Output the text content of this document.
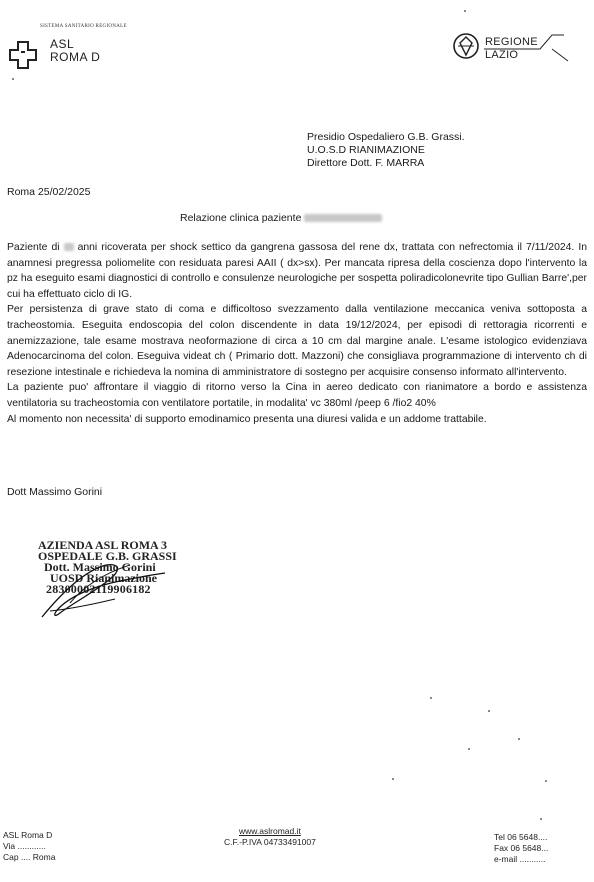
SISTEMA SANITARIO REGIONALE
ASL
ROMA D
REGIONE
LAZIO
Presidio Ospedaliero G.B. Grassi.
U.O.S.D RIANIMAZIONE
Direttore Dott. F. MARRA
Roma 25/02/2025
Relazione clinica paziente

Paziente di anni ricoverata per shock settico da gangrena gassosa del rene dx, trattata con nefrectomia il 7/11/2024. In anamnesi pregressa poliomelite con residuata paresi AAII ( dx>sx). Per mancata ripresa della coscienza dopo l'intervento la pz ha eseguito esami diagnostici di controllo e consulenze neurologiche per sospetta poliradicolonevrite tipo Gullian Barre',per cui ha effettuato ciclo di IG.

Per persistenza di grave stato di coma e difficoltoso svezzamento dalla ventilazione meccanica veniva sottoposta a tracheostomia. Eseguita endoscopia del colon discendente in data 19/12/2024, per episodi di rettoragia ricorrenti e anemizzazione, tale esame mostrava neoformazione di circa a 10 cm dal margine anale. L'esame istologico evidenziava Adenocarcinoma del colon. Eseguiva videat ch ( Primario dott. Mazzoni) che consigliava programmazione di intervento ch di resezione intestinale e richiedeva la nomina di amministratore di sostegno per acquisire consenso informato all'intervento.

La paziente puo' affrontare il viaggio di ritorno verso la Cina in aereo dedicato con rianimatore a bordo e assistenza ventilatoria su tracheostomia con ventilatore portatile, in modalita' vc 380ml /peep 6 /fio2 40%

Al momento non necessita' di supporto emodinamico presenta una diuresi valida e un addome trattabile.

Dott Massimo Gorini
AZIENDA ASL ROMA 3
OSPEDALE G.B. GRASSI
Dott. Massimo Gorini
UOSD Rianimazione
28300002119906182
ASL Roma D
Via ............
Cap .... Roma
www.aslromad.it
C.F.-P.IVA 04733491007	Tel 06 5648....
Fax 06 5648...
e-mail ...........
